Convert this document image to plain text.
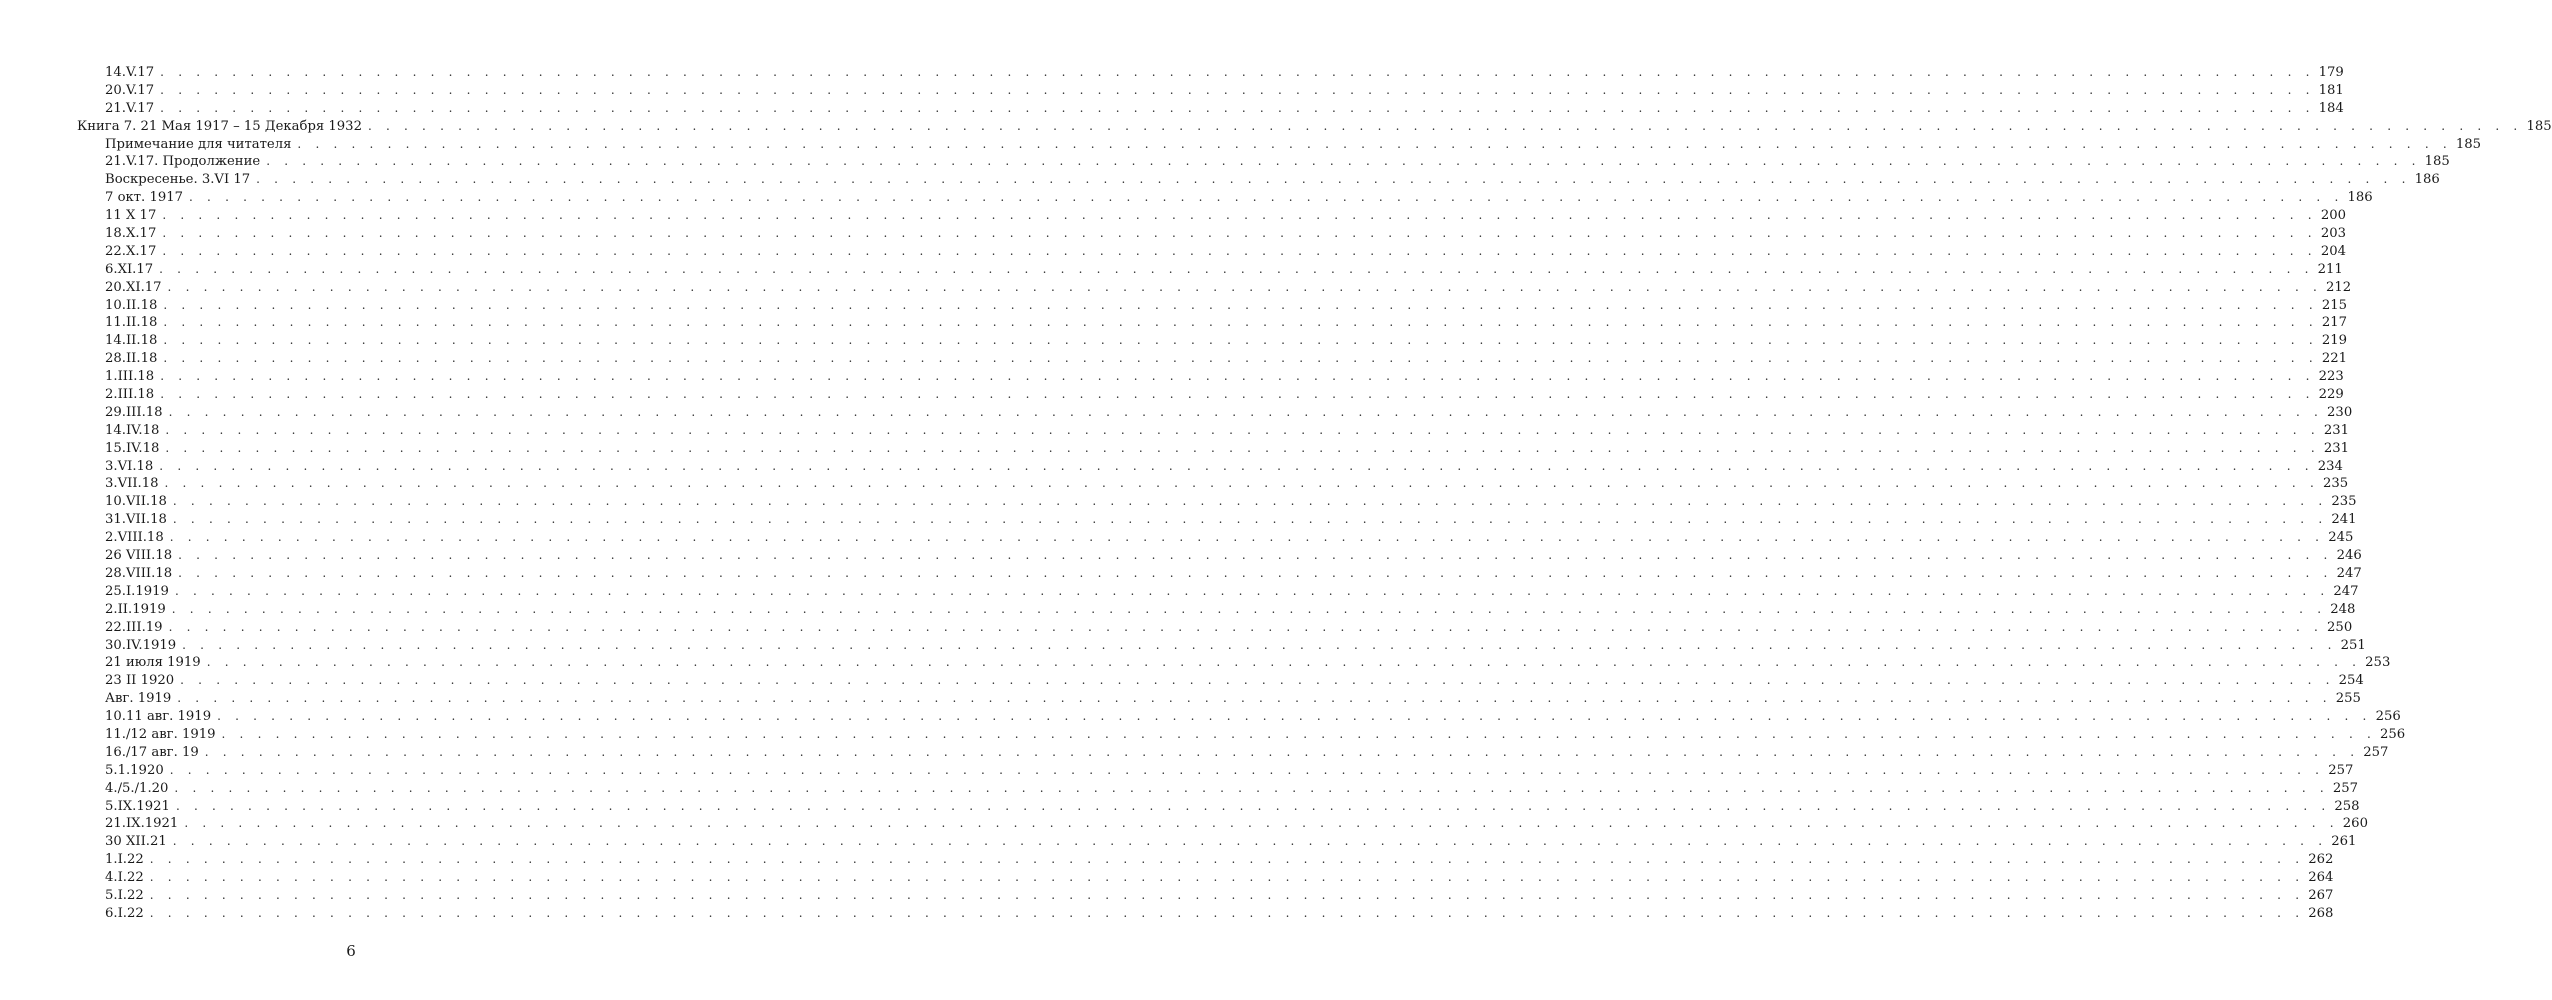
14.V.17 . . . . . . . . . . . . . . . . . . . . . . . . . . . . . . . . . . . . . . . . . . . . . . . . . . . . . . . . . . . . . . . . . . . . . . . . . . . . . . . . . . . . . . . . . . . . . . . . . . . . . . . . . . . . . . . . . . . . . . . . 179
20.V.17 . . . . . . . . . . . . . . . . . . . . . . . . . . . . . . . . . . . . . . . . . . . . . . . . . . . . . . . . . . . . . . . . . . . . . . . . . . . . . . . . . . . . . . . . . . . . . . . . . . . . . . . . . . . . . . . . . . . . . . . . 181
21.V.17 . . . . . . . . . . . . . . . . . . . . . . . . . . . . . . . . . . . . . . . . . . . . . . . . . . . . . . . . . . . . . . . . . . . . . . . . . . . . . . . . . . . . . . . . . . . . . . . . . . . . . . . . . . . . . . . . . . . . . . . . 184
Книга 7. 21 Мая 1917 – 15 Декабря 1932 . . . . . . . . . . . . . . . . . . . . . . . . . . . . . . . . . . . . . . . . . . . . . . . . . . . . . . . . . . . . . . . . . . . . . . . . . . . . . . . . . . . . . . . . . . . . . . . . . . . . . . . . . . . . . . . . . . . . . . . . 185
Примечание для читателя . . . . . . . . . . . . . . . . . . . . . . . . . . . . . . . . . . . . . . . . . . . . . . . . . . . . . . . . . . . . . . . . . . . . . . . . . . . . . . . . . . . . . . . . . . . . . . . . . . . . . . . . . . . . . . . . . . . . . . . . 185
21.V.17. Продолжение . . . . . . . . . . . . . . . . . . . . . . . . . . . . . . . . . . . . . . . . . . . . . . . . . . . . . . . . . . . . . . . . . . . . . . . . . . . . . . . . . . . . . . . . . . . . . . . . . . . . . . . . . . . . . . . . . . . . . . . . 185
Воскресенье. 3.VI 17 . . . . . . . . . . . . . . . . . . . . . . . . . . . . . . . . . . . . . . . . . . . . . . . . . . . . . . . . . . . . . . . . . . . . . . . . . . . . . . . . . . . . . . . . . . . . . . . . . . . . . . . . . . . . . . . . . . . . . . . . 186
7 окт. 1917 . . . . . . . . . . . . . . . . . . . . . . . . . . . . . . . . . . . . . . . . . . . . . . . . . . . . . . . . . . . . . . . . . . . . . . . . . . . . . . . . . . . . . . . . . . . . . . . . . . . . . . . . . . . . . . . . . . . . . . . . 186
11 X 17 . . . . . . . . . . . . . . . . . . . . . . . . . . . . . . . . . . . . . . . . . . . . . . . . . . . . . . . . . . . . . . . . . . . . . . . . . . . . . . . . . . . . . . . . . . . . . . . . . . . . . . . . . . . . . . . . . . . . . . . . 200
18.X.17 . . . . . . . . . . . . . . . . . . . . . . . . . . . . . . . . . . . . . . . . . . . . . . . . . . . . . . . . . . . . . . . . . . . . . . . . . . . . . . . . . . . . . . . . . . . . . . . . . . . . . . . . . . . . . . . . . . . . . . . . 203
22.X.17 . . . . . . . . . . . . . . . . . . . . . . . . . . . . . . . . . . . . . . . . . . . . . . . . . . . . . . . . . . . . . . . . . . . . . . . . . . . . . . . . . . . . . . . . . . . . . . . . . . . . . . . . . . . . . . . . . . . . . . . . 204
6.XI.17 . . . . . . . . . . . . . . . . . . . . . . . . . . . . . . . . . . . . . . . . . . . . . . . . . . . . . . . . . . . . . . . . . . . . . . . . . . . . . . . . . . . . . . . . . . . . . . . . . . . . . . . . . . . . . . . . . . . . . . . . 211
20.XI.17 . . . . . . . . . . . . . . . . . . . . . . . . . . . . . . . . . . . . . . . . . . . . . . . . . . . . . . . . . . . . . . . . . . . . . . . . . . . . . . . . . . . . . . . . . . . . . . . . . . . . . . . . . . . . . . . . . . . . . . . . 212
10.II.18 . . . . . . . . . . . . . . . . . . . . . . . . . . . . . . . . . . . . . . . . . . . . . . . . . . . . . . . . . . . . . . . . . . . . . . . . . . . . . . . . . . . . . . . . . . . . . . . . . . . . . . . . . . . . . . . . . . . . . . . . 215
11.II.18 . . . . . . . . . . . . . . . . . . . . . . . . . . . . . . . . . . . . . . . . . . . . . . . . . . . . . . . . . . . . . . . . . . . . . . . . . . . . . . . . . . . . . . . . . . . . . . . . . . . . . . . . . . . . . . . . . . . . . . . . 217
14.II.18 . . . . . . . . . . . . . . . . . . . . . . . . . . . . . . . . . . . . . . . . . . . . . . . . . . . . . . . . . . . . . . . . . . . . . . . . . . . . . . . . . . . . . . . . . . . . . . . . . . . . . . . . . . . . . . . . . . . . . . . . 219
28.II.18 . . . . . . . . . . . . . . . . . . . . . . . . . . . . . . . . . . . . . . . . . . . . . . . . . . . . . . . . . . . . . . . . . . . . . . . . . . . . . . . . . . . . . . . . . . . . . . . . . . . . . . . . . . . . . . . . . . . . . . . . 221
1.III.18 . . . . . . . . . . . . . . . . . . . . . . . . . . . . . . . . . . . . . . . . . . . . . . . . . . . . . . . . . . . . . . . . . . . . . . . . . . . . . . . . . . . . . . . . . . . . . . . . . . . . . . . . . . . . . . . . . . . . . . . . 223
2.III.18 . . . . . . . . . . . . . . . . . . . . . . . . . . . . . . . . . . . . . . . . . . . . . . . . . . . . . . . . . . . . . . . . . . . . . . . . . . . . . . . . . . . . . . . . . . . . . . . . . . . . . . . . . . . . . . . . . . . . . . . . 229
29.III.18 . . . . . . . . . . . . . . . . . . . . . . . . . . . . . . . . . . . . . . . . . . . . . . . . . . . . . . . . . . . . . . . . . . . . . . . . . . . . . . . . . . . . . . . . . . . . . . . . . . . . . . . . . . . . . . . . . . . . . . . . 230
14.IV.18 . . . . . . . . . . . . . . . . . . . . . . . . . . . . . . . . . . . . . . . . . . . . . . . . . . . . . . . . . . . . . . . . . . . . . . . . . . . . . . . . . . . . . . . . . . . . . . . . . . . . . . . . . . . . . . . . . . . . . . . . 231
15.IV.18 . . . . . . . . . . . . . . . . . . . . . . . . . . . . . . . . . . . . . . . . . . . . . . . . . . . . . . . . . . . . . . . . . . . . . . . . . . . . . . . . . . . . . . . . . . . . . . . . . . . . . . . . . . . . . . . . . . . . . . . . 231
3.VI.18 . . . . . . . . . . . . . . . . . . . . . . . . . . . . . . . . . . . . . . . . . . . . . . . . . . . . . . . . . . . . . . . . . . . . . . . . . . . . . . . . . . . . . . . . . . . . . . . . . . . . . . . . . . . . . . . . . . . . . . . . 234
3.VII.18 . . . . . . . . . . . . . . . . . . . . . . . . . . . . . . . . . . . . . . . . . . . . . . . . . . . . . . . . . . . . . . . . . . . . . . . . . . . . . . . . . . . . . . . . . . . . . . . . . . . . . . . . . . . . . . . . . . . . . . . . 235
10.VII.18 . . . . . . . . . . . . . . . . . . . . . . . . . . . . . . . . . . . . . . . . . . . . . . . . . . . . . . . . . . . . . . . . . . . . . . . . . . . . . . . . . . . . . . . . . . . . . . . . . . . . . . . . . . . . . . . . . . . . . . . . 235
31.VII.18 . . . . . . . . . . . . . . . . . . . . . . . . . . . . . . . . . . . . . . . . . . . . . . . . . . . . . . . . . . . . . . . . . . . . . . . . . . . . . . . . . . . . . . . . . . . . . . . . . . . . . . . . . . . . . . . . . . . . . . . . 241
2.VIII.18 . . . . . . . . . . . . . . . . . . . . . . . . . . . . . . . . . . . . . . . . . . . . . . . . . . . . . . . . . . . . . . . . . . . . . . . . . . . . . . . . . . . . . . . . . . . . . . . . . . . . . . . . . . . . . . . . . . . . . . . . 245
26 VIII.18 . . . . . . . . . . . . . . . . . . . . . . . . . . . . . . . . . . . . . . . . . . . . . . . . . . . . . . . . . . . . . . . . . . . . . . . . . . . . . . . . . . . . . . . . . . . . . . . . . . . . . . . . . . . . . . . . . . . . . . . . 246
28.VIII.18 . . . . . . . . . . . . . . . . . . . . . . . . . . . . . . . . . . . . . . . . . . . . . . . . . . . . . . . . . . . . . . . . . . . . . . . . . . . . . . . . . . . . . . . . . . . . . . . . . . . . . . . . . . . . . . . . . . . . . . . . 247
25.I.1919 . . . . . . . . . . . . . . . . . . . . . . . . . . . . . . . . . . . . . . . . . . . . . . . . . . . . . . . . . . . . . . . . . . . . . . . . . . . . . . . . . . . . . . . . . . . . . . . . . . . . . . . . . . . . . . . . . . . . . . . . 247
2.II.1919 . . . . . . . . . . . . . . . . . . . . . . . . . . . . . . . . . . . . . . . . . . . . . . . . . . . . . . . . . . . . . . . . . . . . . . . . . . . . . . . . . . . . . . . . . . . . . . . . . . . . . . . . . . . . . . . . . . . . . . . . 248
22.III.19 . . . . . . . . . . . . . . . . . . . . . . . . . . . . . . . . . . . . . . . . . . . . . . . . . . . . . . . . . . . . . . . . . . . . . . . . . . . . . . . . . . . . . . . . . . . . . . . . . . . . . . . . . . . . . . . . . . . . . . . . 250
30.IV.1919 . . . . . . . . . . . . . . . . . . . . . . . . . . . . . . . . . . . . . . . . . . . . . . . . . . . . . . . . . . . . . . . . . . . . . . . . . . . . . . . . . . . . . . . . . . . . . . . . . . . . . . . . . . . . . . . . . . . . . . . . 251
21 июля 1919 . . . . . . . . . . . . . . . . . . . . . . . . . . . . . . . . . . . . . . . . . . . . . . . . . . . . . . . . . . . . . . . . . . . . . . . . . . . . . . . . . . . . . . . . . . . . . . . . . . . . . . . . . . . . . . . . . . . . . . . . 253
23 II 1920 . . . . . . . . . . . . . . . . . . . . . . . . . . . . . . . . . . . . . . . . . . . . . . . . . . . . . . . . . . . . . . . . . . . . . . . . . . . . . . . . . . . . . . . . . . . . . . . . . . . . . . . . . . . . . . . . . . . . . . . . 254
Авг. 1919 . . . . . . . . . . . . . . . . . . . . . . . . . . . . . . . . . . . . . . . . . . . . . . . . . . . . . . . . . . . . . . . . . . . . . . . . . . . . . . . . . . . . . . . . . . . . . . . . . . . . . . . . . . . . . . . . . . . . . . . . 255
10.11 авг. 1919 . . . . . . . . . . . . . . . . . . . . . . . . . . . . . . . . . . . . . . . . . . . . . . . . . . . . . . . . . . . . . . . . . . . . . . . . . . . . . . . . . . . . . . . . . . . . . . . . . . . . . . . . . . . . . . . . . . . . . . . . 256
11./12 авг. 1919 . . . . . . . . . . . . . . . . . . . . . . . . . . . . . . . . . . . . . . . . . . . . . . . . . . . . . . . . . . . . . . . . . . . . . . . . . . . . . . . . . . . . . . . . . . . . . . . . . . . . . . . . . . . . . . . . . . . . . . . . 256
16./17 авг. 19 . . . . . . . . . . . . . . . . . . . . . . . . . . . . . . . . . . . . . . . . . . . . . . . . . . . . . . . . . . . . . . . . . . . . . . . . . . . . . . . . . . . . . . . . . . . . . . . . . . . . . . . . . . . . . . . . . . . . . . . . 257
5.1.1920 . . . . . . . . . . . . . . . . . . . . . . . . . . . . . . . . . . . . . . . . . . . . . . . . . . . . . . . . . . . . . . . . . . . . . . . . . . . . . . . . . . . . . . . . . . . . . . . . . . . . . . . . . . . . . . . . . . . . . . . . 257
4./5./1.20 . . . . . . . . . . . . . . . . . . . . . . . . . . . . . . . . . . . . . . . . . . . . . . . . . . . . . . . . . . . . . . . . . . . . . . . . . . . . . . . . . . . . . . . . . . . . . . . . . . . . . . . . . . . . . . . . . . . . . . . . 257
5.IX.1921 . . . . . . . . . . . . . . . . . . . . . . . . . . . . . . . . . . . . . . . . . . . . . . . . . . . . . . . . . . . . . . . . . . . . . . . . . . . . . . . . . . . . . . . . . . . . . . . . . . . . . . . . . . . . . . . . . . . . . . . . 258
21.IX.1921 . . . . . . . . . . . . . . . . . . . . . . . . . . . . . . . . . . . . . . . . . . . . . . . . . . . . . . . . . . . . . . . . . . . . . . . . . . . . . . . . . . . . . . . . . . . . . . . . . . . . . . . . . . . . . . . . . . . . . . . . 260
30 XII.21 . . . . . . . . . . . . . . . . . . . . . . . . . . . . . . . . . . . . . . . . . . . . . . . . . . . . . . . . . . . . . . . . . . . . . . . . . . . . . . . . . . . . . . . . . . . . . . . . . . . . . . . . . . . . . . . . . . . . . . . . 261
1.I.22 . . . . . . . . . . . . . . . . . . . . . . . . . . . . . . . . . . . . . . . . . . . . . . . . . . . . . . . . . . . . . . . . . . . . . . . . . . . . . . . . . . . . . . . . . . . . . . . . . . . . . . . . . . . . . . . . . . . . . . . . 262
4.I.22 . . . . . . . . . . . . . . . . . . . . . . . . . . . . . . . . . . . . . . . . . . . . . . . . . . . . . . . . . . . . . . . . . . . . . . . . . . . . . . . . . . . . . . . . . . . . . . . . . . . . . . . . . . . . . . . . . . . . . . . . 264
5.I.22 . . . . . . . . . . . . . . . . . . . . . . . . . . . . . . . . . . . . . . . . . . . . . . . . . . . . . . . . . . . . . . . . . . . . . . . . . . . . . . . . . . . . . . . . . . . . . . . . . . . . . . . . . . . . . . . . . . . . . . . . 267
6.I.22 . . . . . . . . . . . . . . . . . . . . . . . . . . . . . . . . . . . . . . . . . . . . . . . . . . . . . . . . . . . . . . . . . . . . . . . . . . . . . . . . . . . . . . . . . . . . . . . . . . . . . . . . . . . . . . . . . . . . . . . . 268
6
